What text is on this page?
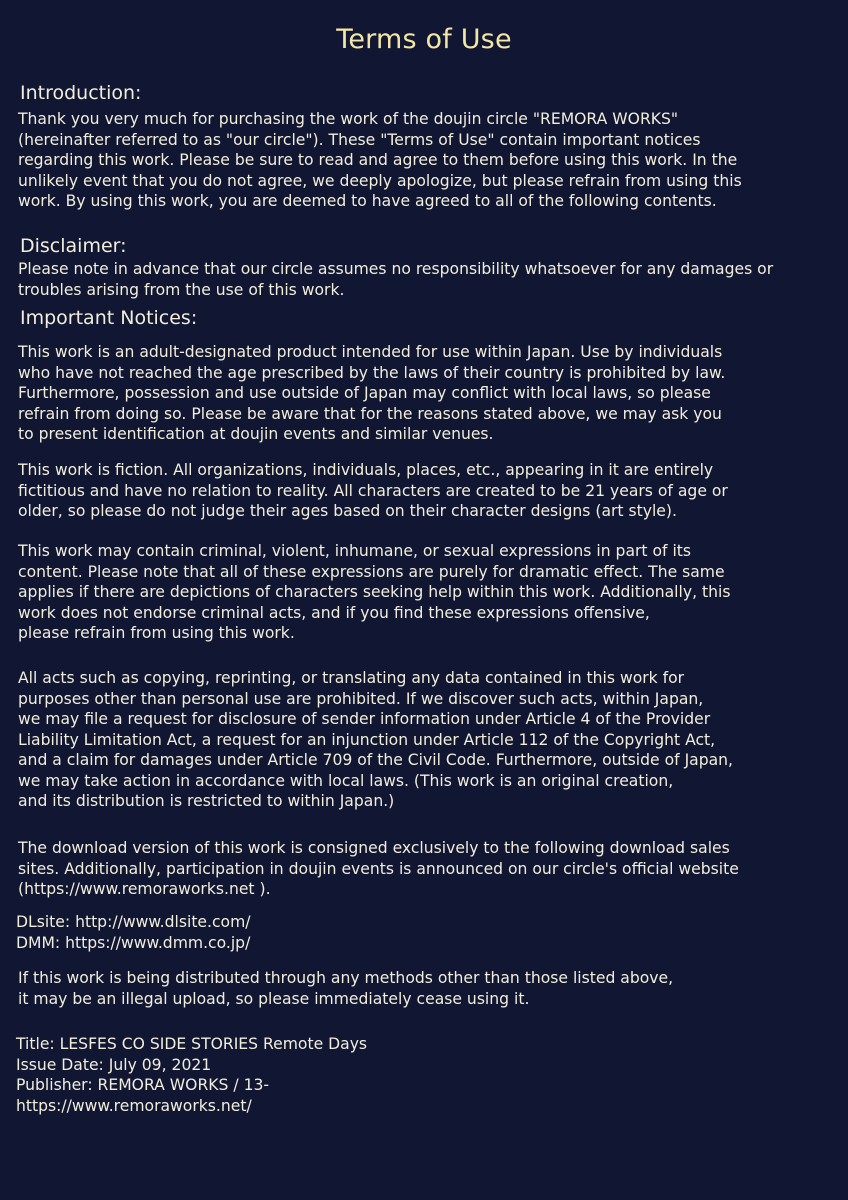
Terms of Use
Introduction:
Thank you very much for purchasing the work of the doujin circle "REMORA WORKS"
(hereinafter referred to as "our circle"). These "Terms of Use" contain important notices
regarding this work. Please be sure to read and agree to them before using this work. In the
unlikely event that you do not agree, we deeply apologize, but please refrain from using this
work. By using this work, you are deemed to have agreed to all of the following contents.
Disclaimer:
Please note in advance that our circle assumes no responsibility whatsoever for any damages or
troubles arising from the use of this work.
Important Notices:
This work is an adult-designated product intended for use within Japan. Use by individuals
who have not reached the age prescribed by the laws of their country is prohibited by law.
Furthermore, possession and use outside of Japan may conflict with local laws, so please
refrain from doing so. Please be aware that for the reasons stated above, we may ask you
to present identification at doujin events and similar venues.
This work is fiction. All organizations, individuals, places, etc., appearing in it are entirely
fictitious and have no relation to reality. All characters are created to be 21 years of age or
older, so please do not judge their ages based on their character designs (art style).
This work may contain criminal, violent, inhumane, or sexual expressions in part of its
content. Please note that all of these expressions are purely for dramatic effect. The same
applies if there are depictions of characters seeking help within this work. Additionally, this
work does not endorse criminal acts, and if you find these expressions offensive,
please refrain from using this work.
All acts such as copying, reprinting, or translating any data contained in this work for
purposes other than personal use are prohibited. If we discover such acts, within Japan,
we may file a request for disclosure of sender information under Article 4 of the Provider
Liability Limitation Act, a request for an injunction under Article 112 of the Copyright Act,
and a claim for damages under Article 709 of the Civil Code. Furthermore, outside of Japan,
we may take action in accordance with local laws. (This work is an original creation,
and its distribution is restricted to within Japan.)
The download version of this work is consigned exclusively to the following download sales
sites. Additionally, participation in doujin events is announced on our circle's official website
(https://www.remoraworks.net ).
DLsite: http://www.dlsite.com/
DMM: https://www.dmm.co.jp/
If this work is being distributed through any methods other than those listed above,
it may be an illegal upload, so please immediately cease using it.
Title: LESFES CO SIDE STORIES Remote Days
Issue Date: July 09, 2021
Publisher: REMORA WORKS / 13-
https://www.remoraworks.net/
